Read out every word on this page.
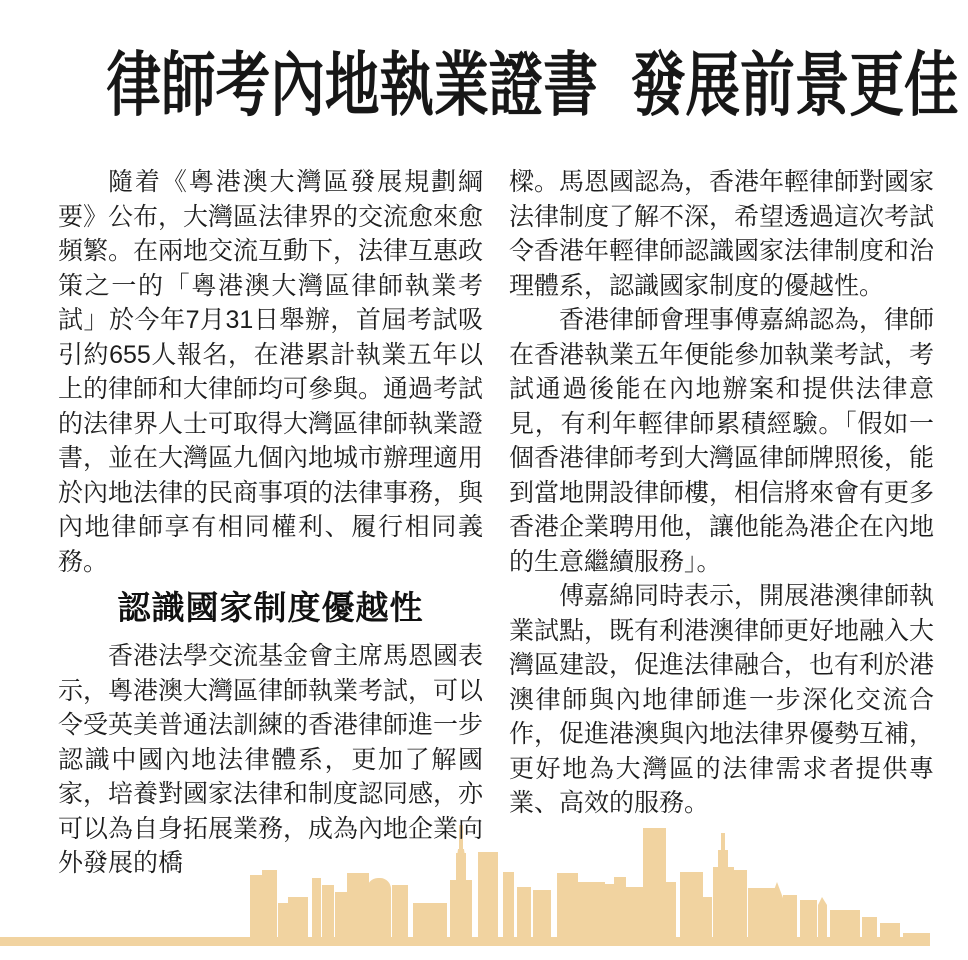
律師考內地執業證書 發展前景更佳

隨着《粵港澳大灣區發展規劃綱要》公布，大灣區法律界的交流愈來愈頻繁。在兩地交流互動下，法律互惠政策之一的「粵港澳大灣區律師執業考試」於今年7月31日舉辦，首屆考試吸引約655人報名，在港累計執業五年以上的律師和大律師均可參與。通過考試的法律界人士可取得大灣區律師執業證書，並在大灣區九個內地城市辦理適用於內地法律的民商事項的法律事務，與內地律師享有相同權利、履行相同義務。

認識國家制度優越性

香港法學交流基金會主席馬恩國表示，粵港澳大灣區律師執業考試，可以令受英美普通法訓練的香港律師進一步認識中國內地法律體系，更加了解國家，培養對國家法律和制度認同感，亦可以為自身拓展業務，成為內地企業向外發展的橋

樑。馬恩國認為，香港年輕律師對國家法律制度了解不深，希望透過這次考試令香港年輕律師認識國家法律制度和治理體系，認識國家制度的優越性。

香港律師會理事傅嘉綿認為，律師在香港執業五年便能參加執業考試，考試通過後能在內地辦案和提供法律意見，有利年輕律師累積經驗。「假如一個香港律師考到大灣區律師牌照後，能到當地開設律師樓，相信將來會有更多香港企業聘用他，讓他能為港企在內地的生意繼續服務」。

傅嘉綿同時表示，開展港澳律師執業試點，既有利港澳律師更好地融入大灣區建設，促進法律融合，也有利於港澳律師與內地律師進一步深化交流合作，促進港澳與內地法律界優勢互補，更好地為大灣區的法律需求者提供專業、高效的服務。
